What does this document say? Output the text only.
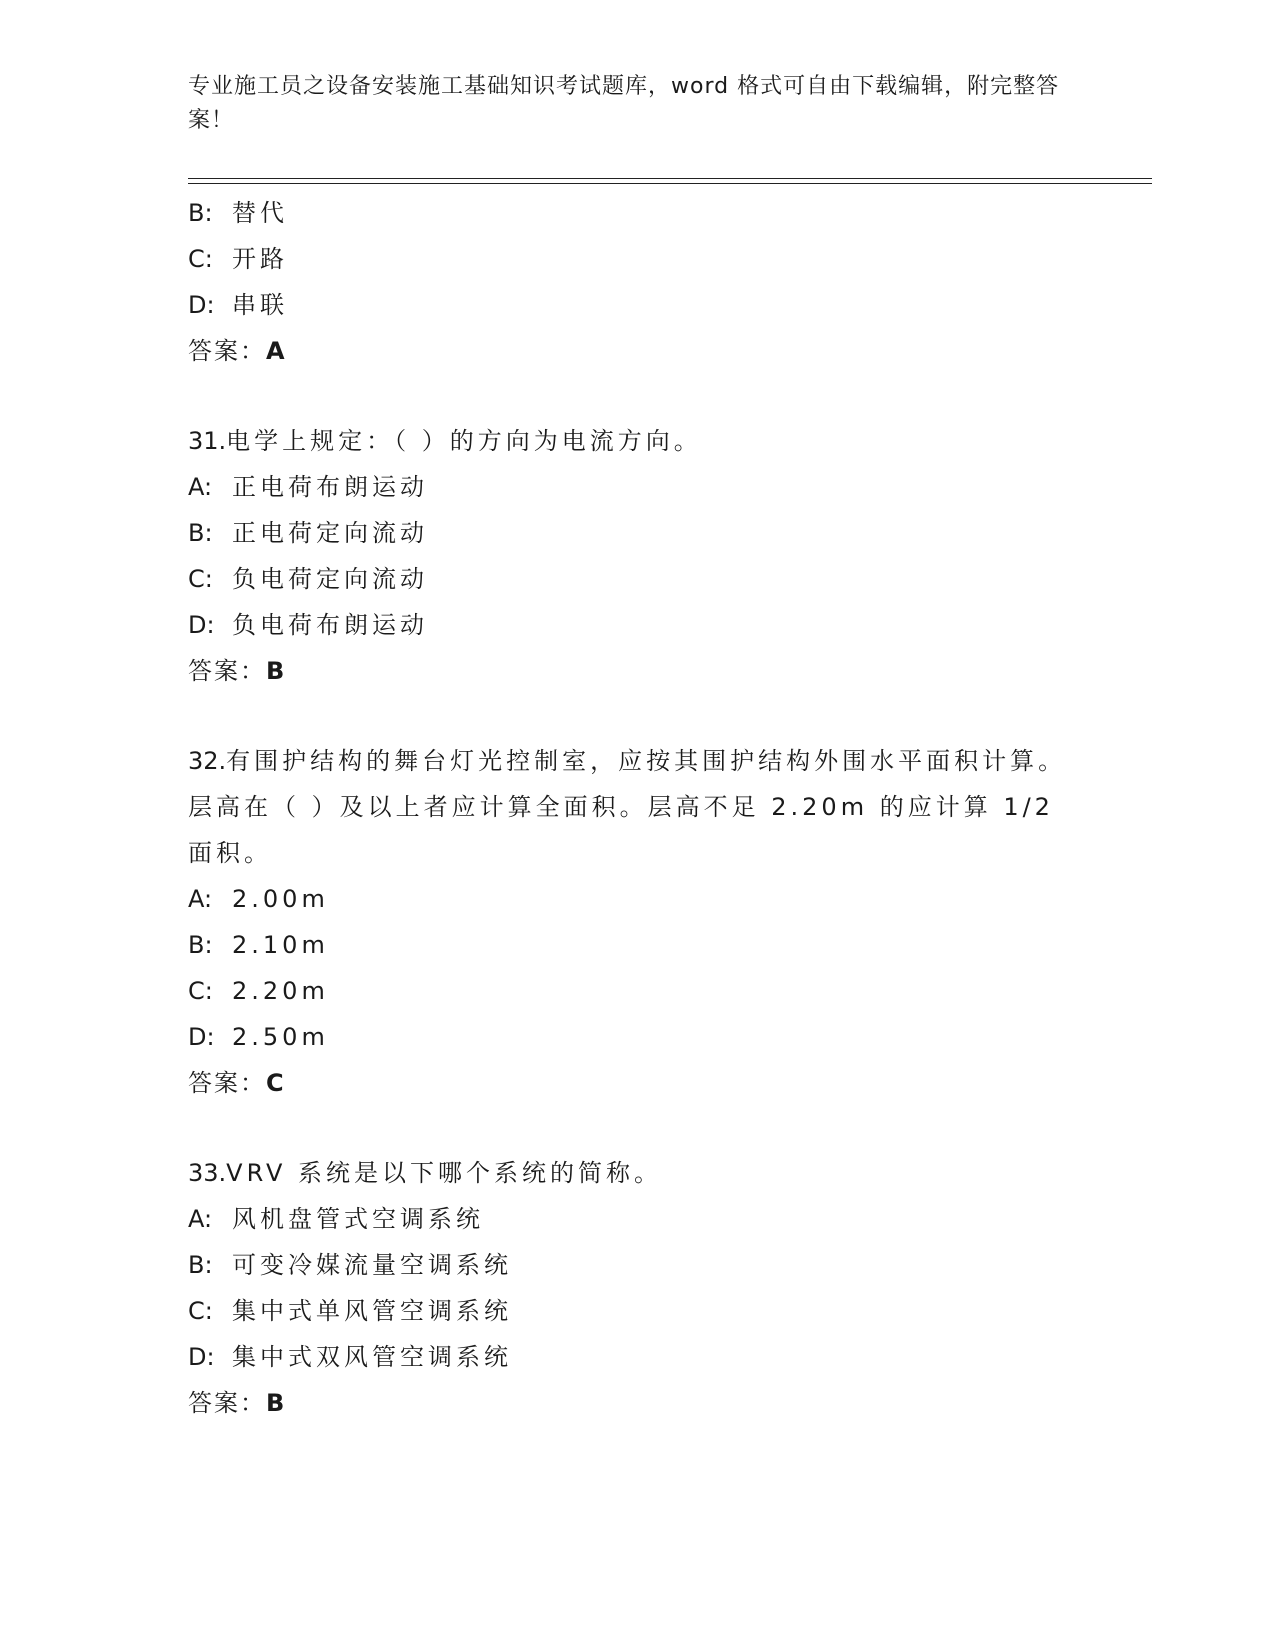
专业施工员之设备安装施工基础知识考试题库，word 格式可自由下载编辑，附完整答案！
B: 替代
C: 开路
D: 串联
答案：A
31.电学上规定：（ ）的方向为电流方向。
A: 正电荷布朗运动
B: 正电荷定向流动
C: 负电荷定向流动
D: 负电荷布朗运动
答案：B
32.有围护结构的舞台灯光控制室，应按其围护结构外围水平面积计算。层高在（ ）及以上者应计算全面积。层高不足 2.20m 的应计算 1/2 面积。
A: 2.00m
B: 2.10m
C: 2.20m
D: 2.50m
答案：C
33.VRV 系统是以下哪个系统的简称。
A: 风机盘管式空调系统
B: 可变冷媒流量空调系统
C: 集中式单风管空调系统
D: 集中式双风管空调系统
答案：B
